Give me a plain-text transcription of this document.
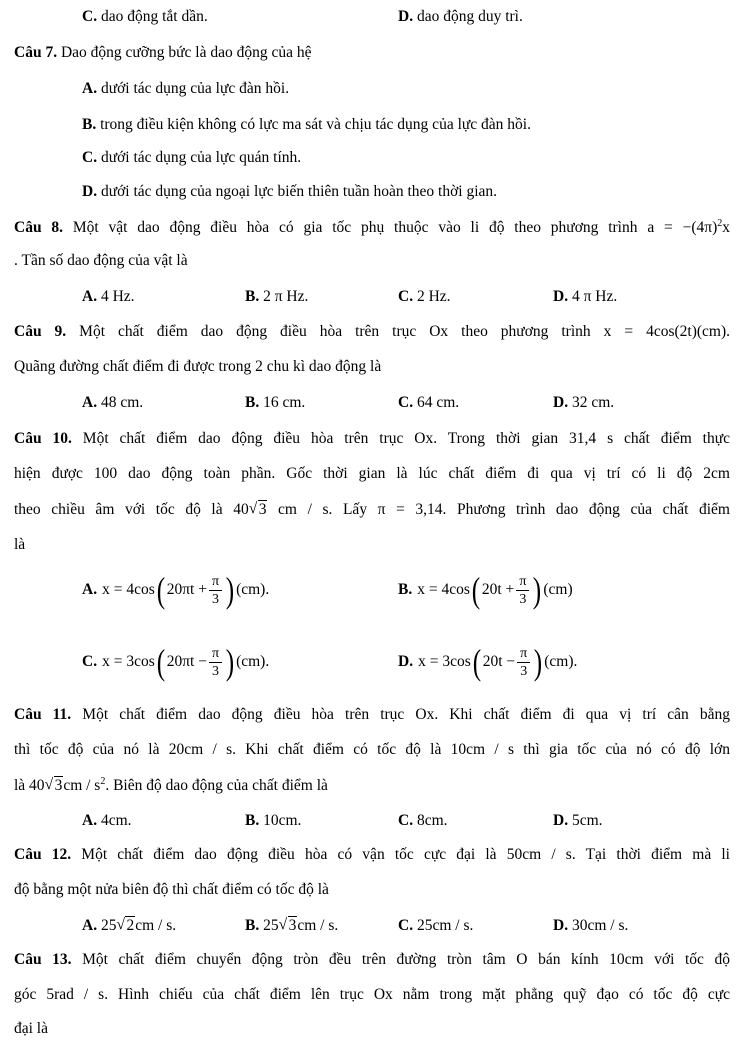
C. dao động tắt dần.	D. dao động duy trì.
Câu 7. Dao động cưỡng bức là dao động của hệ
A. dưới tác dụng của lực đàn hồi.
B. trong điều kiện không có lực ma sát và chịu tác dụng của lực đàn hồi.
C. dưới tác dụng của lực quán tính.
D. dưới tác dụng của ngoại lực biến thiên tuần hoàn theo thời gian.
Câu 8. Một vật dao động điều hòa có gia tốc phụ thuộc vào li độ theo phương trình $a = -(4\pi)^2x$
. Tần số dao động của vật là
A. 4 Hz.	B. 2 π Hz.	C. 2 Hz.	D. 4 π Hz.
Câu 9. Một chất điểm dao động điều hòa trên trục Ox theo phương trình x = 4cos(2t)(cm).
Quãng đường chất điểm đi được trong 2 chu kì dao động là
A. 48 cm.	B. 16 cm.	C. 64 cm.	D. 32 cm.
Câu 10. Một chất điểm dao động điều hòa trên trục Ox. Trong thời gian 31,4 s chất điểm thực
hiện được 100 dao động toàn phần. Gốc thời gian là lúc chất điểm đi qua vị trí có li độ 2cm
theo chiều âm với tốc độ là 40 √ 3 cm / s. Lấy π = 3,14. Phương trình dao động của chất điểm
là
A. x = 4cos ( $20\pi t + \frac{\pi}{3}$ ) (cm).	B. x = 4cos ( $20t + \frac{\pi}{3}$ ) (cm)
C. x = 3cos ( $20\pi t - \frac{\pi}{3}$ ) (cm).	D. x = 3cos ( $20t - \frac{\pi}{3}$ ) (cm).
Câu 11. Một chất điểm dao động điều hòa trên trục Ox. Khi chất điểm đi qua vị trí cân bằng
thì tốc độ của nó là 20cm / s. Khi chất điểm có tốc độ là 10cm / s thì gia tốc của nó có độ lớn
là 40 √ $3cm / s^2$. Biên độ dao động của chất điểm là
A. 4cm.	B. 10cm.	C. 8cm.	D. 5cm.
Câu 12. Một chất điểm dao động điều hòa có vận tốc cực đại là 50cm / s. Tại thời điểm mà li
độ bằng một nửa biên độ thì chất điểm có tốc độ là
A. 25 √ 2cm / s.	B. 25 √ 3cm / s.	C. 25cm / s.	D. 30cm / s.
Câu 13. Một chất điểm chuyển động tròn đều trên đường tròn tâm O bán kính 10cm với tốc độ
góc 5rad / s. Hình chiếu của chất điểm lên trục Ox nằm trong mặt phẳng quỹ đạo có tốc độ cực
đại là
